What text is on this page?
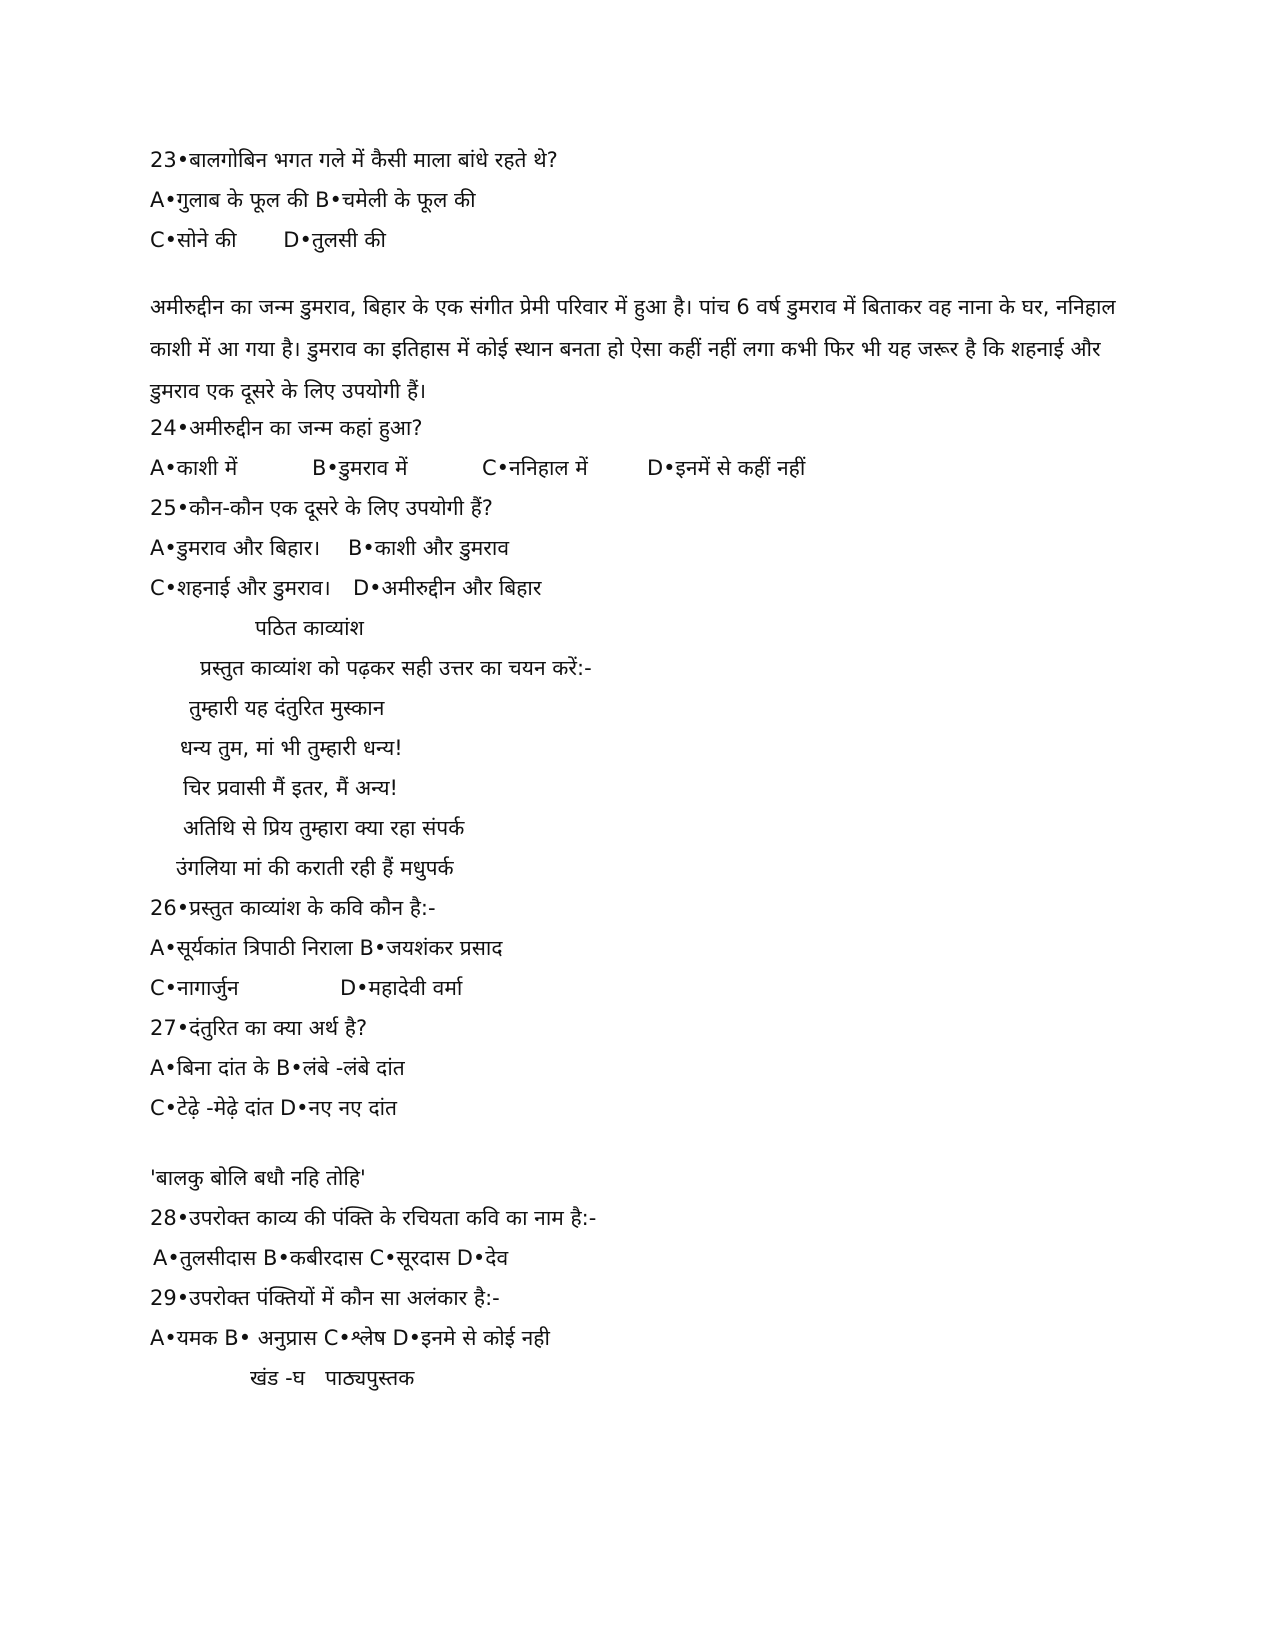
23•बालगोबिन भगत गले में कैसी माला बांधे रहते थे?
A•गुलाब के फूल की B•चमेली के फूल की
C•सोने की D•तुलसी की
अमीरुद्दीन का जन्म डुमराव, बिहार के एक संगीत प्रेमी परिवार में हुआ है। पांच 6 वर्ष डुमराव में बिताकर वह नाना के घर, ननिहाल काशी में आ गया है। डुमराव का इतिहास में कोई स्थान बनता हो ऐसा कहीं नहीं लगा कभी फिर भी यह जरूर है कि शहनाई और डुमराव एक दूसरे के लिए उपयोगी हैं।
24•अमीरुद्दीन का जन्म कहां हुआ?
A•काशी में	B•डुमराव में	C•ननिहाल में	D•इनमें से कहीं नहीं
25•कौन-कौन एक दूसरे के लिए उपयोगी हैं?
A•डुमराव और बिहार। B•काशी और डुमराव
C•शहनाई और डुमराव। D•अमीरुद्दीन और बिहार
पठित काव्यांश
प्रस्तुत काव्यांश को पढ़कर सही उत्तर का चयन करें:-
तुम्हारी यह दंतुरित मुस्कान
धन्य तुम, मां भी तुम्हारी धन्य!
चिर प्रवासी मैं इतर, मैं अन्य!
अतिथि से प्रिय तुम्हारा क्या रहा संपर्क
उंगलिया मां की कराती रही हैं मधुपर्क
26•प्रस्तुत काव्यांश के कवि कौन है:-
A•सूर्यकांत त्रिपाठी निराला B•जयशंकर प्रसाद
C•नागार्जुन	D•महादेवी वर्मा
27•दंतुरित का क्या अर्थ है?
A•बिना दांत के B•लंबे -लंबे दांत
C•टेढ़े -मेढ़े दांत D•नए नए दांत
'बालकु बोलि बधौ नहि तोहि'
28•उपरोक्त काव्य की पंक्ति के रचियता कवि का नाम है:-
A•तुलसीदास B•कबीरदास C•सूरदास D•देव
29•उपरोक्त पंक्तियों में कौन सा अलंकार है:-
A•यमक B• अनुप्रास C•श्लेष D•इनमे से कोई नही
खंड -घ   पाठ्यपुस्तक
